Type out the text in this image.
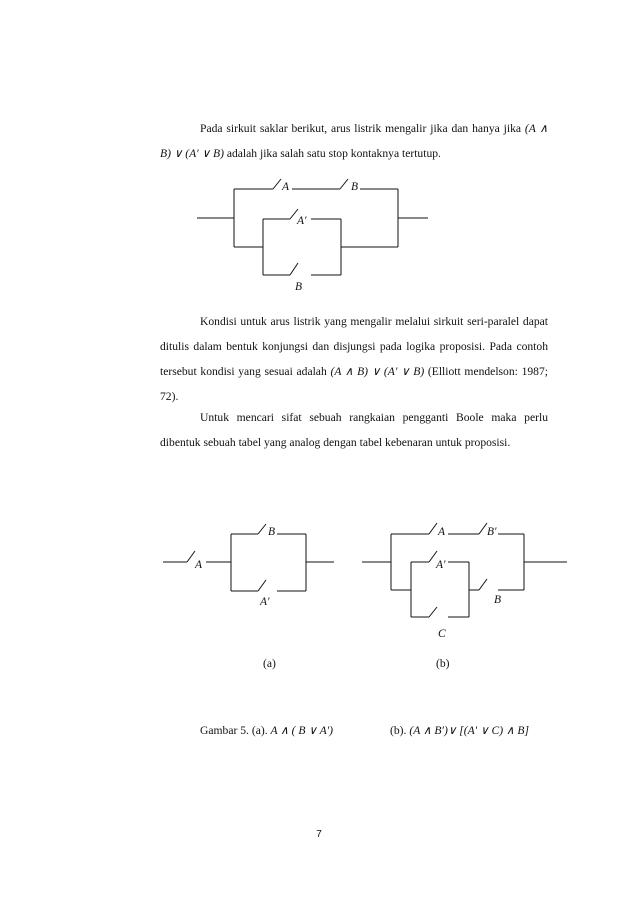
Pada sirkuit saklar berikut, arus listrik mengalir jika dan hanya jika (A ∧ B) ∨ (A′ ∨ B) adalah jika salah satu stop kontaknya tertutup.
A	B
A′
B
Kondisi untuk arus listrik yang mengalir melalui sirkuit seri-paralel dapat ditulis dalam bentuk konjungsi dan disjungsi pada logika proposisi. Pada contoh tersebut kondisi yang sesuai adalah (A ∧ B) ∨ (A′ ∨ B) (Elliott mendelson: 1987; 72).
Untuk mencari sifat sebuah rangkaian pengganti Boole maka perlu dibentuk sebuah tabel yang analog dengan tabel kebenaran untuk proposisi.
B
A
A′
A	B′
A′
B
C
(a)	(b)
Gambar 5. (a). A ∧ ( B ∨ A′)	(b). (A ∧ B′)∨ [(A′ ∨ C) ∧ B]
7
